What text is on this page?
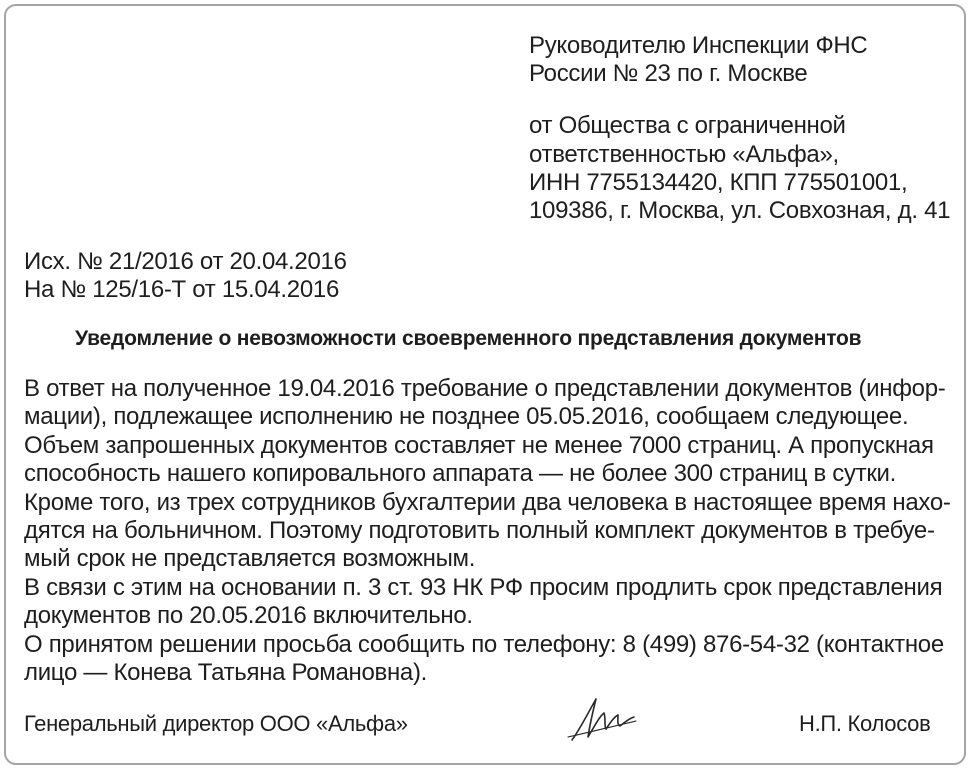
Руководителю Инспекции ФНС
России № 23 по г. Москве
от Общества с ограниченной
ответственностью «Альфа»,
ИНН 7755134420, КПП 775501001,
109386, г. Москва, ул. Совхозная, д. 41
Исх. № 21/2016 от 20.04.2016
На № 125/16-Т от 15.04.2016
Уведомление о невозможности своевременного представления документов
В ответ на полученное 19.04.2016 требование о представлении документов (инфор-
мации), подлежащее исполнению не позднее 05.05.2016, сообщаем следующее.
Объем запрошенных документов составляет не менее 7000 страниц. А пропускная
способность нашего копировального аппарата — не более 300 страниц в сутки.
Кроме того, из трех сотрудников бухгалтерии два человека в настоящее время нахо-
дятся на больничном. Поэтому подготовить полный комплект документов в требуе-
мый срок не представляется возможным.
В связи с этим на основании п. 3 ст. 93 НК РФ просим продлить срок представления
документов по 20.05.2016 включительно.
О принятом решении просьба сообщить по телефону: 8 (499) 876-54-32 (контактное
лицо — Конева Татьяна Романовна).
Генеральный директор ООО «Альфа»	Н.П. Колосов
